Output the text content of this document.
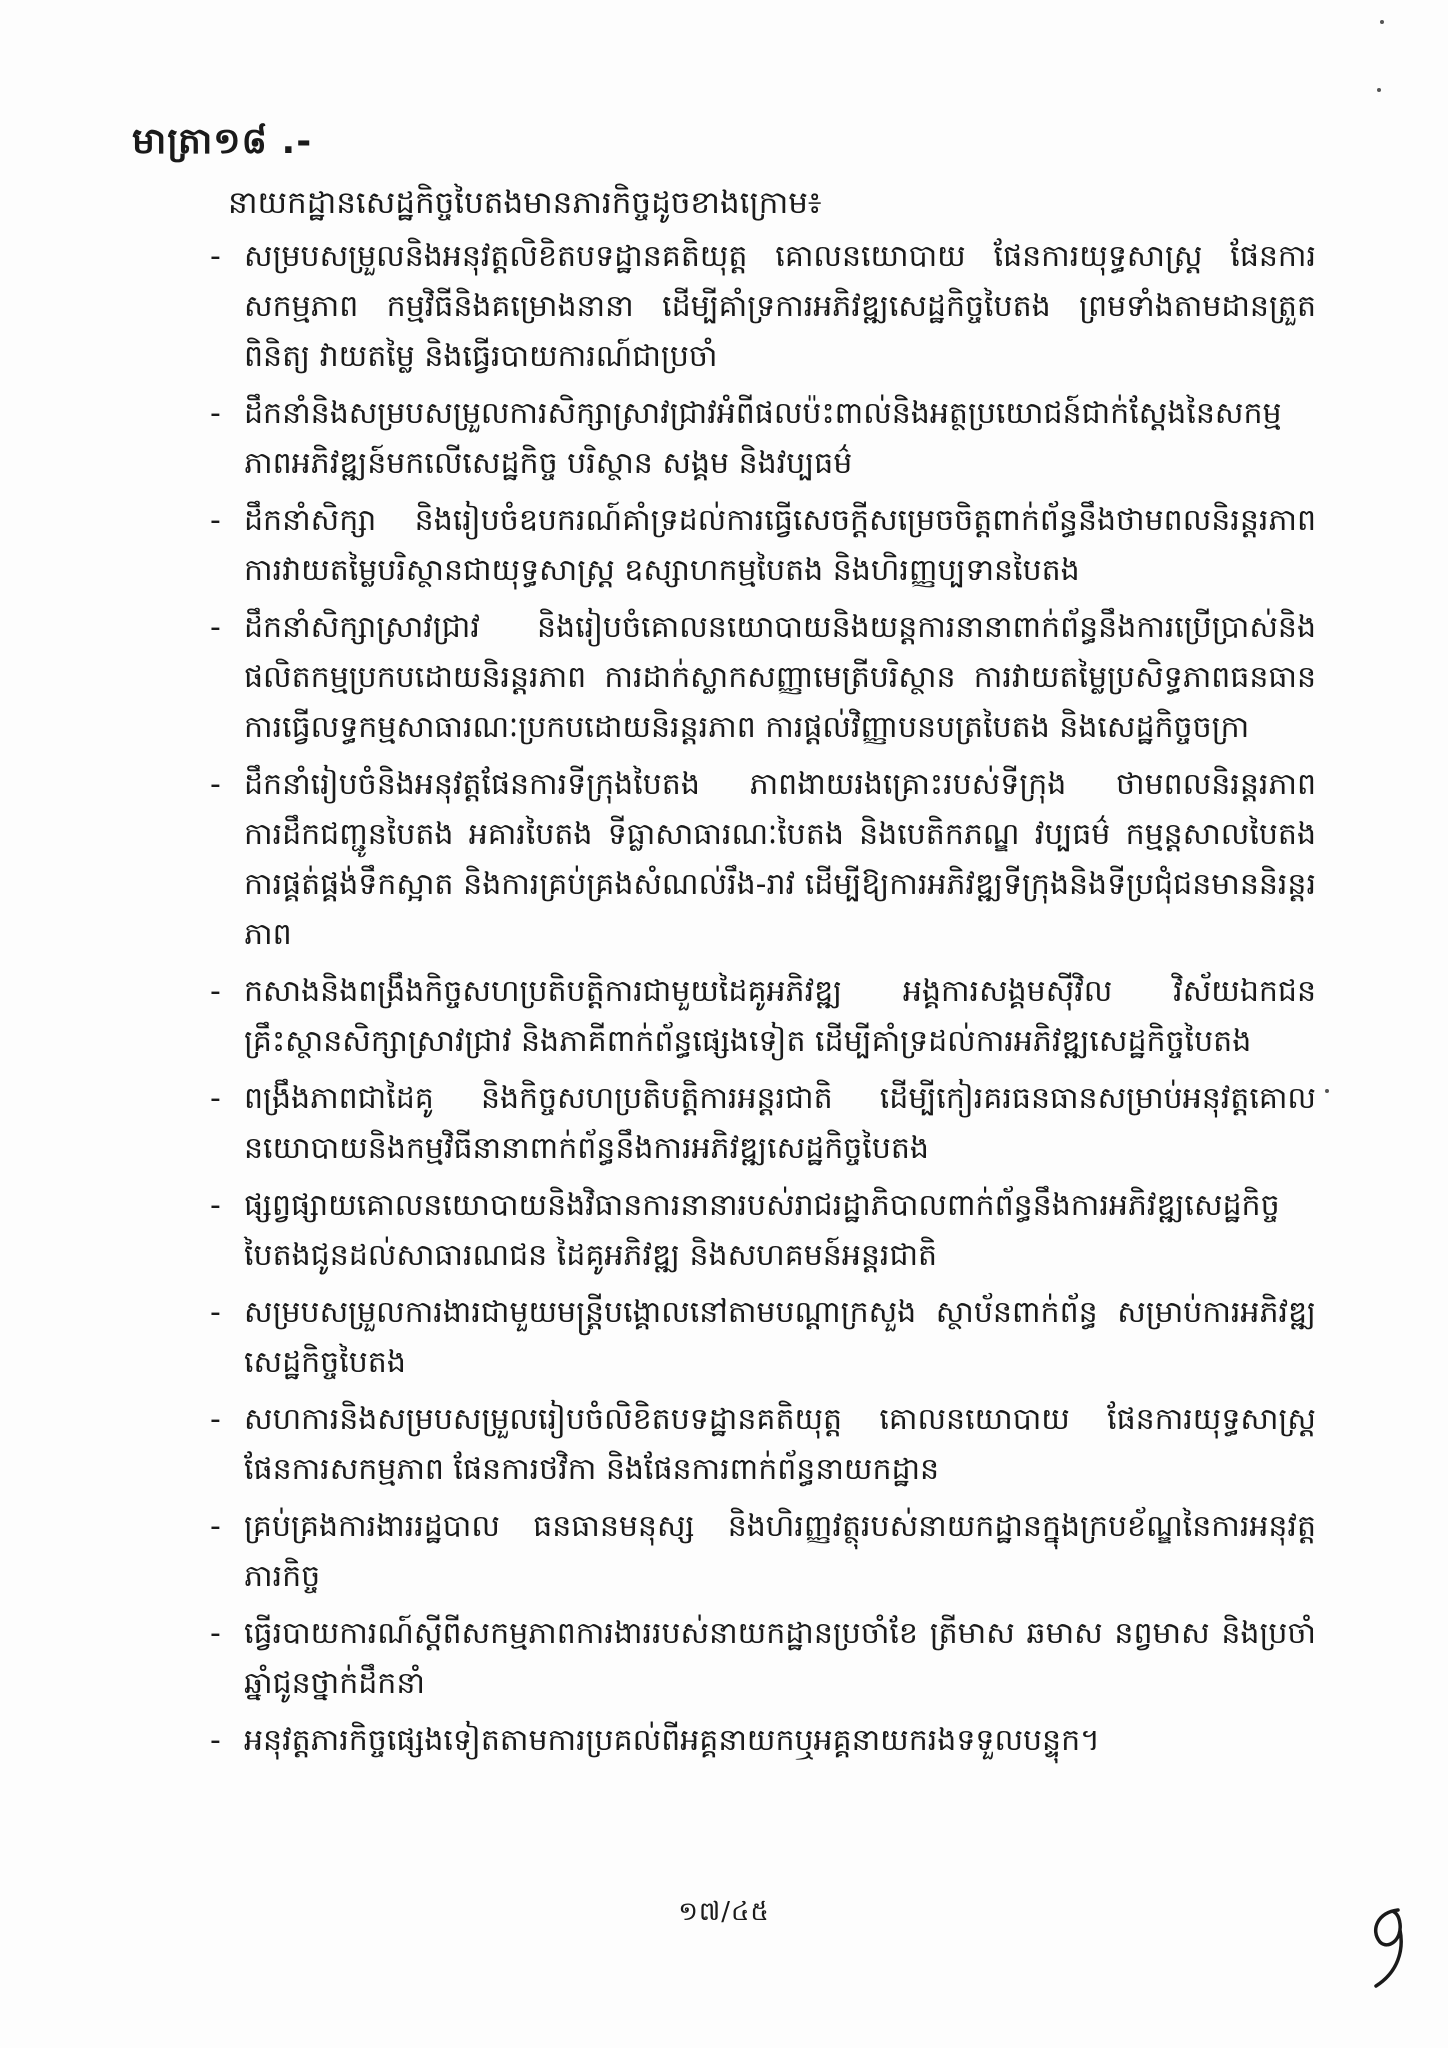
មាត្រា១៨ .-
នាយកដ្ឋានសេដ្ឋកិច្ចបៃតងមានភារកិច្ចដូចខាងក្រោម៖
- សម្របសម្រួលនិងអនុវត្តលិខិតបទដ្ឋានគតិយុត្ត គោលនយោបាយ ផែនការយុទ្ធសាស្ត្រ ផែនការសកម្មភាព កម្មវិធីនិងគម្រោងនានា ដើម្បីគាំទ្រការអភិវឌ្ឍសេដ្ឋកិច្ចបៃតង ព្រមទាំងតាមដានត្រួតពិនិត្យ វាយតម្លៃ និងធ្វើរបាយការណ៍ជាប្រចាំ
- ដឹកនាំនិងសម្របសម្រួលការសិក្សាស្រាវជ្រាវអំពីផលប៉ះពាល់និងអត្ថប្រយោជន៍ជាក់ស្តែងនៃសកម្មភាពអភិវឌ្ឍន៍មកលើសេដ្ឋកិច្ច បរិស្ថាន សង្គម និងវប្បធម៌
- ដឹកនាំសិក្សា និងរៀបចំឧបករណ៍គាំទ្រដល់ការធ្វើសេចក្តីសម្រេចចិត្តពាក់ព័ន្ធនឹងថាមពលនិរន្តរភាព ការវាយតម្លៃបរិស្ថានជាយុទ្ធសាស្ត្រ ឧស្សាហកម្មបៃតង និងហិរញ្ញប្បទានបៃតង
- ដឹកនាំសិក្សាស្រាវជ្រាវ និងរៀបចំគោលនយោបាយនិងយន្តការនានាពាក់ព័ន្ធនឹងការប្រើប្រាស់និងផលិតកម្មប្រកបដោយនិរន្តរភាព ការដាក់ស្លាកសញ្ញាមេត្រីបរិស្ថាន ការវាយតម្លៃប្រសិទ្ធភាពធនធាន ការធ្វើលទ្ធកម្មសាធារណៈប្រកបដោយនិរន្តរភាព ការផ្តល់វិញ្ញាបនបត្របៃតង និងសេដ្ឋកិច្ចចក្រា
- ដឹកនាំរៀបចំនិងអនុវត្តផែនការទីក្រុងបៃតង ភាពងាយរងគ្រោះរបស់ទីក្រុង ថាមពលនិរន្តរភាព ការដឹកជញ្ជូនបៃតង អគារបៃតង ទីធ្លាសាធារណៈបៃតង និងបេតិកភណ្ឌ វប្បធម៌ កម្មន្តសាលបៃតង ការផ្គត់ផ្គង់ទឹកស្អាត និងការគ្រប់គ្រងសំណល់រឹង-រាវ ដើម្បីឱ្យការអភិវឌ្ឍទីក្រុងនិងទីប្រជុំជនមាននិរន្តរភាព
- កសាងនិងពង្រឹងកិច្ចសហប្រតិបត្តិការជាមួយដៃគូអភិវឌ្ឍ អង្គការសង្គមស៊ីវិល វិស័យឯកជន គ្រឹះស្ថានសិក្សាស្រាវជ្រាវ និងភាគីពាក់ព័ន្ធផ្សេងទៀត ដើម្បីគាំទ្រដល់ការអភិវឌ្ឍសេដ្ឋកិច្ចបៃតង
- ពង្រឹងភាពជាដៃគូ និងកិច្ចសហប្រតិបត្តិការអន្តរជាតិ ដើម្បីកៀរគរធនធានសម្រាប់អនុវត្តគោលនយោបាយនិងកម្មវិធីនានាពាក់ព័ន្ធនឹងការអភិវឌ្ឍសេដ្ឋកិច្ចបៃតង
- ផ្សព្វផ្សាយគោលនយោបាយនិងវិធានការនានារបស់រាជរដ្ឋាភិបាលពាក់ព័ន្ធនឹងការអភិវឌ្ឍសេដ្ឋកិច្ចបៃតងជូនដល់សាធារណជន ដៃគូអភិវឌ្ឍ និងសហគមន៍អន្តរជាតិ
- សម្របសម្រួលការងារជាមួយមន្ត្រីបង្គោលនៅតាមបណ្តាក្រសួង ស្ថាប័នពាក់ព័ន្ធ សម្រាប់ការអភិវឌ្ឍសេដ្ឋកិច្ចបៃតង
- សហការនិងសម្របសម្រួលរៀបចំលិខិតបទដ្ឋានគតិយុត្ត គោលនយោបាយ ផែនការយុទ្ធសាស្ត្រ ផែនការសកម្មភាព ផែនការថវិកា និងផែនការពាក់ព័ន្ធនាយកដ្ឋាន
- គ្រប់គ្រងការងាររដ្ឋបាល ធនធានមនុស្ស និងហិរញ្ញវត្ថុរបស់នាយកដ្ឋានក្នុងក្របខ័ណ្ឌនៃការអនុវត្តភារកិច្ច
- ធ្វើរបាយការណ៍ស្តីពីសកម្មភាពការងាររបស់នាយកដ្ឋានប្រចាំខែ ត្រីមាស ឆមាស នព្វមាស និងប្រចាំឆ្នាំជូនថ្នាក់ដឹកនាំ
- អនុវត្តភារកិច្ចផ្សេងទៀតតាមការប្រគល់ពីអគ្គនាយកឬអគ្គនាយករងទទួលបន្ទុក។
១៧/៤៥
